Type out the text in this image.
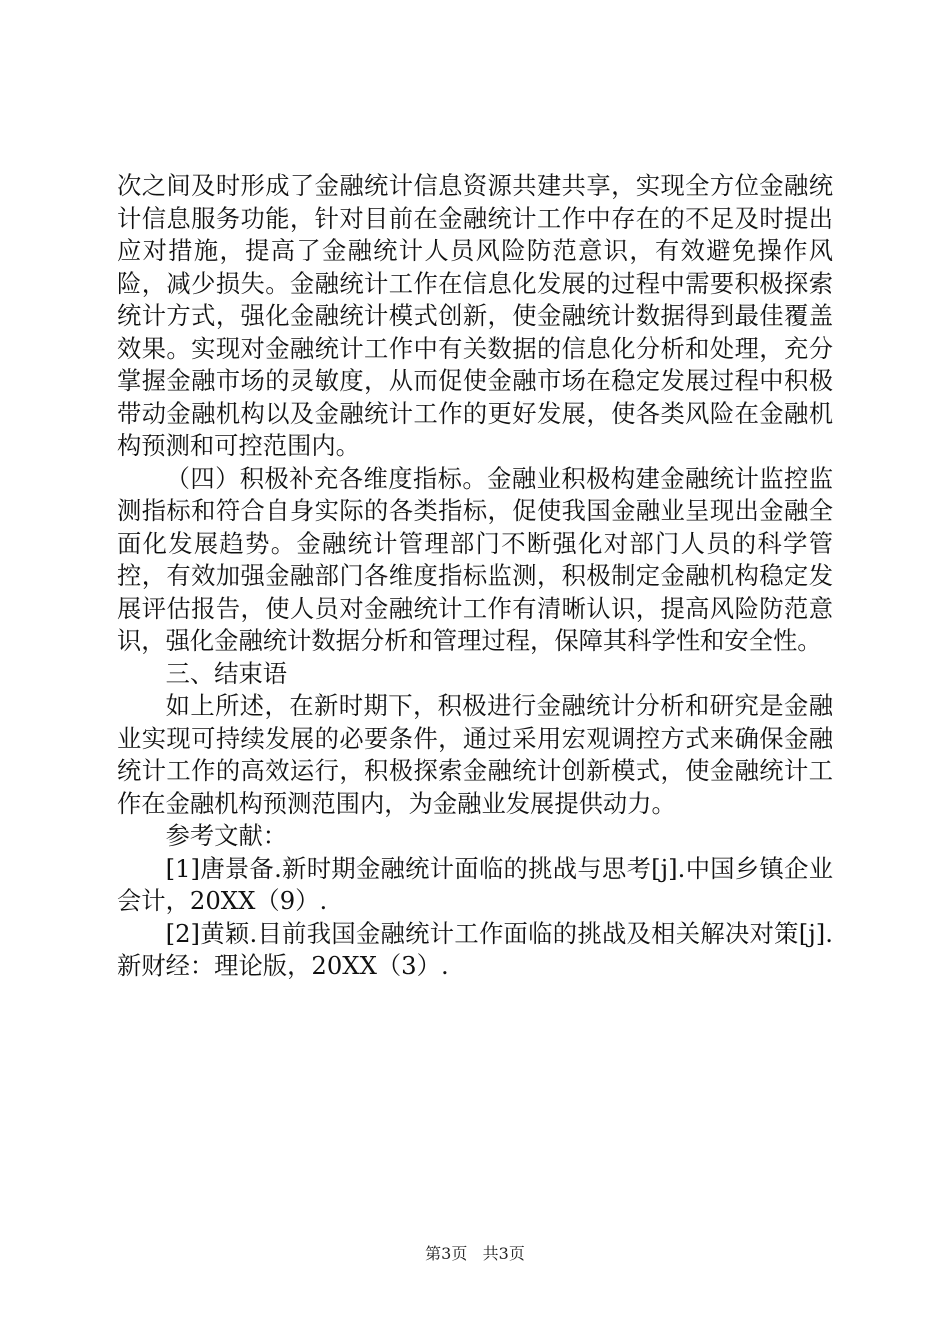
次之间及时形成了金融统计信息资源共建共享，实现全方位金融统计信息服务功能，针对目前在金融统计工作中存在的不足及时提出应对措施，提高了金融统计人员风险防范意识，有效避免操作风险，减少损失。金融统计工作在信息化发展的过程中需要积极探索统计方式，强化金融统计模式创新，使金融统计数据得到最佳覆盖效果。实现对金融统计工作中有关数据的信息化分析和处理，充分掌握金融市场的灵敏度，从而促使金融市场在稳定发展过程中积极带动金融机构以及金融统计工作的更好发展，使各类风险在金融机构预测和可控范围内。

（四）积极补充各维度指标。金融业积极构建金融统计监控监测指标和符合自身实际的各类指标，促使我国金融业呈现出金融全面化发展趋势。金融统计管理部门不断强化对部门人员的科学管控，有效加强金融部门各维度指标监测，积极制定金融机构稳定发展评估报告，使人员对金融统计工作有清晰认识，提高风险防范意识，强化金融统计数据分析和管理过程，保障其科学性和安全性。

三、结束语

如上所述，在新时期下，积极进行金融统计分析和研究是金融业实现可持续发展的必要条件，通过采用宏观调控方式来确保金融统计工作的高效运行，积极探索金融统计创新模式，使金融统计工作在金融机构预测范围内，为金融业发展提供动力。

参考文献：

[1]唐景备.新时期金融统计面临的挑战与思考[j].中国乡镇企业会计，20XX（9）.

[2]黄颖.目前我国金融统计工作面临的挑战及相关解决对策[j].新财经：理论版，20XX（3）.

第3页 共3页
